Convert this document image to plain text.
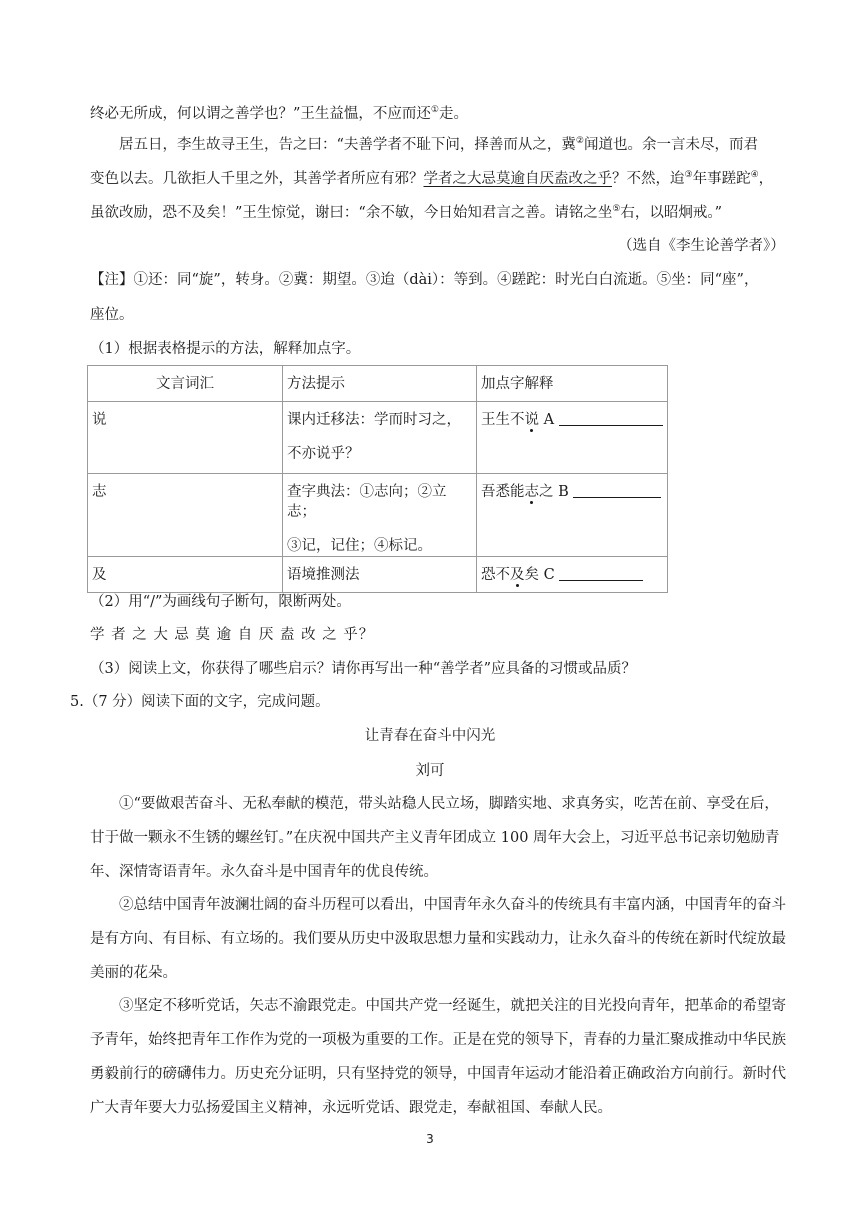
终必无所成，何以谓之善学也？”王生益愠，不应而还①走。
居五日，李生故寻王生，告之曰：“夫善学者不耻下问，择善而从之，冀②闻道也。余一言未尽，而君
变色以去。几欲拒人千里之外，其善学者所应有邪？学者之大忌莫逾自厌盍改之乎？不然，迨③年事蹉跎④，
虽欲改励，恐不及矣！”王生惊觉，谢曰：“余不敏，今日始知君言之善。请铭之坐⑤右，以昭炯戒。”
（选自《李生论善学者》）
【注】①还：同“旋”，转身。②冀：期望。③迨（dài）：等到。④蹉跎：时光白白流逝。⑤坐：同“座”，
座位。
（1）根据表格提示的方法，解释加点字。
文言词汇	方法提示	加点字解释
说	课内迁移法：学而时习之，
不亦说乎？	王生不说 A
志	查字典法：①志向；②立志；
③记，记住；④标记。	吾悉能志之 B
及	语境推测法	恐不及矣 C
（2）用“/”为画线句子断句，限断两处。
学 者 之 大 忌 莫 逾 自 厌 盍 改 之 乎？
（3）阅读上文，你获得了哪些启示？请你再写出一种“善学者”应具备的习惯或品质？
5.（7 分）阅读下面的文字，完成问题。
让青春在奋斗中闪光
刘可
①“要做艰苦奋斗、无私奉献的模范，带头站稳人民立场，脚踏实地、求真务实，吃苦在前、享受在后，
甘于做一颗永不生锈的螺丝钉。”在庆祝中国共产主义青年团成立 100 周年大会上，习近平总书记亲切勉励青
年、深情寄语青年。永久奋斗是中国青年的优良传统。
②总结中国青年波澜壮阔的奋斗历程可以看出，中国青年永久奋斗的传统具有丰富内涵，中国青年的奋斗
是有方向、有目标、有立场的。我们要从历史中汲取思想力量和实践动力，让永久奋斗的传统在新时代绽放最
美丽的花朵。
③坚定不移听党话，矢志不渝跟党走。中国共产党一经诞生，就把关注的目光投向青年，把革命的希望寄
予青年，始终把青年工作作为党的一项极为重要的工作。正是在党的领导下，青春的力量汇聚成推动中华民族
勇毅前行的磅礴伟力。历史充分证明，只有坚持党的领导，中国青年运动才能沿着正确政治方向前行。新时代
广大青年要大力弘扬爱国主义精神，永远听党话、跟党走，奉献祖国、奉献人民。
3
